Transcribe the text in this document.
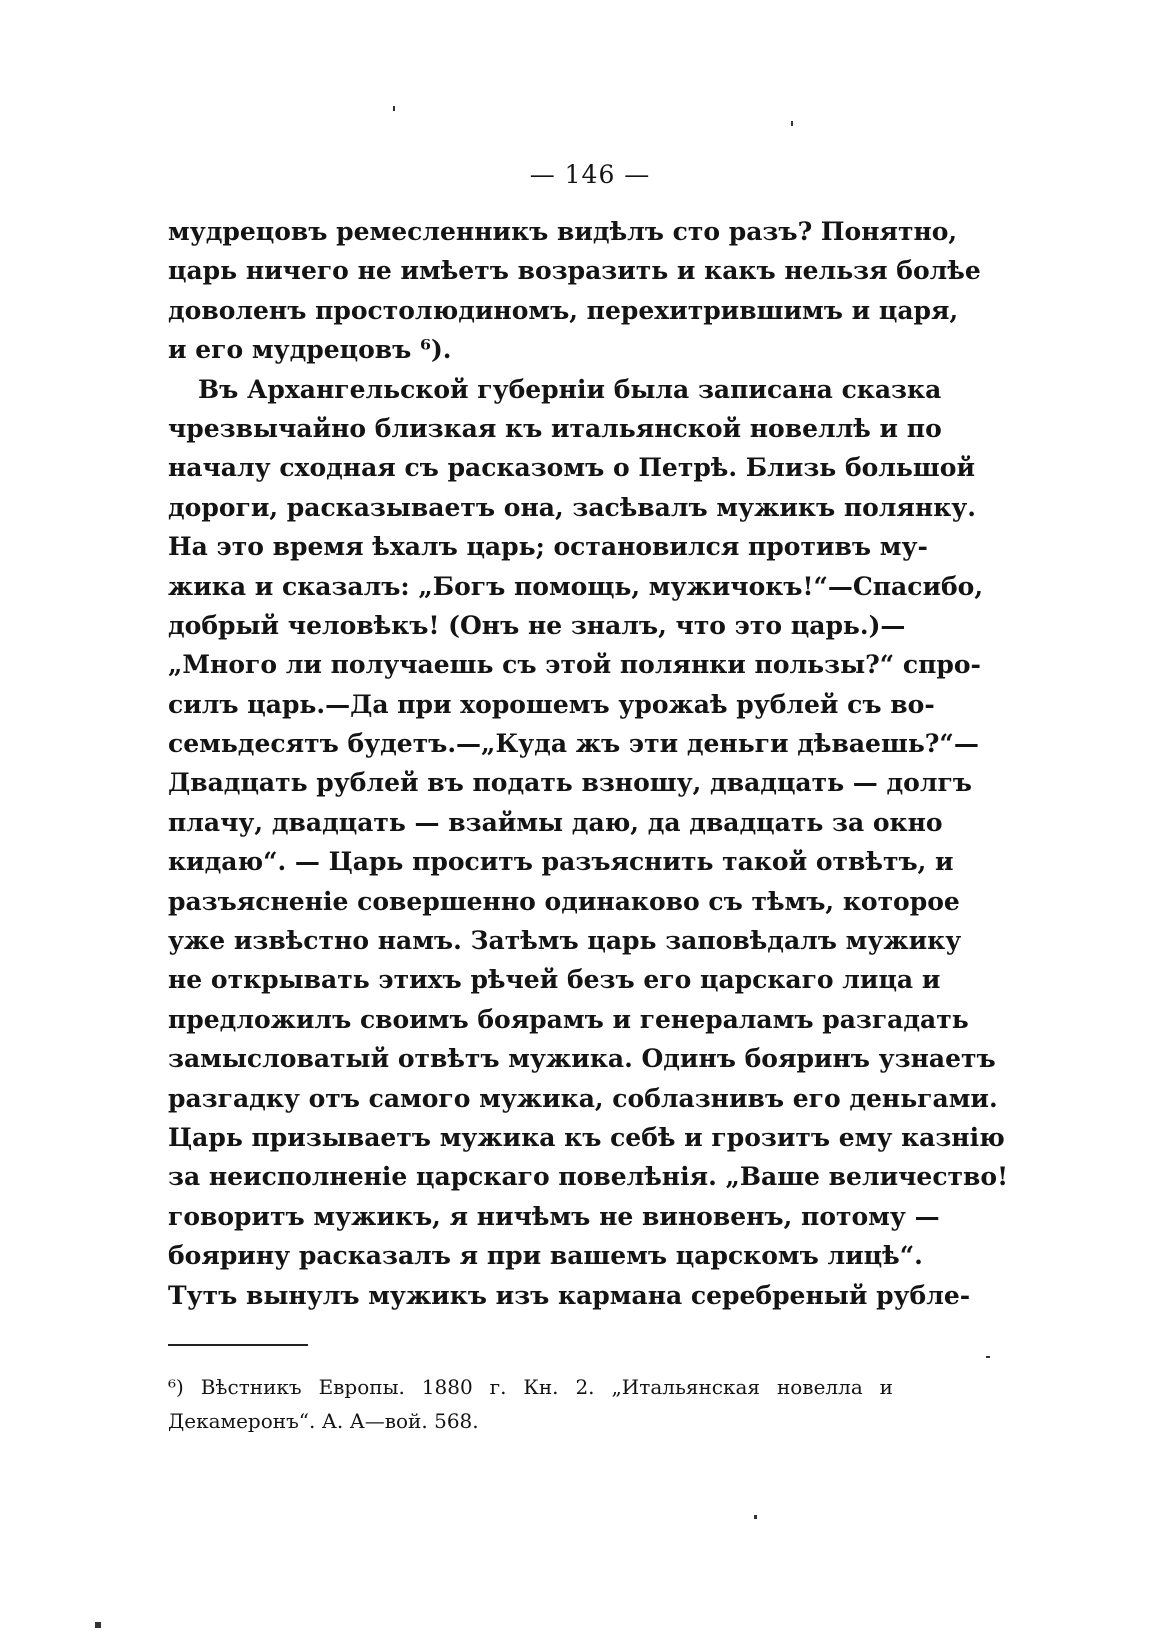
— 146 —
мудрецовъ ремесленникъ видѣлъ сто разъ? Понятно,
царь ничего не имѣетъ возразить и какъ нельзя болѣе
доволенъ простолюдиномъ, перехитрившимъ и царя,
и его мудрецовъ ⁶).
Въ Архангельской губерніи была записана сказка
чрезвычайно близкая къ итальянской новеллѣ и по
началу сходная съ расказомъ о Петрѣ. Близь большой
дороги, расказываетъ она, засѣвалъ мужикъ полянку.
На это время ѣхалъ царь; остановился противъ му-
жика и сказалъ: „Богъ помощь, мужичокъ!“—Спасибо,
добрый человѣкъ! (Онъ не зналъ, что это царь.)—
„Много ли получаешь съ этой полянки пользы?“ спро-
силъ царь.—Да при хорошемъ урожаѣ рублей съ во-
семьдесятъ будетъ.—„Куда жъ эти деньги дѣваешь?“—
Двадцать рублей въ подать взношу, двадцать — долгъ
плачу, двадцать — взаймы даю, да двадцать за окно
кидаю“. — Царь проситъ разъяснить такой отвѣтъ, и
разъясненіе совершенно одинаково съ тѣмъ, которое
уже извѣстно намъ. Затѣмъ царь заповѣдалъ мужику
не открывать этихъ рѣчей безъ его царскаго лица и
предложилъ своимъ боярамъ и генераламъ разгадать
замысловатый отвѣтъ мужика. Одинъ бояринъ узнаетъ
разгадку отъ самого мужика, соблазнивъ его деньгами.
Царь призываетъ мужика къ себѣ и грозитъ ему казнію
за неисполненіе царскаго повелѣнія. „Ваше величество!
говоритъ мужикъ, я ничѣмъ не виновенъ, потому —
боярину расказалъ я при вашемъ царскомъ лицѣ“.
Тутъ вынулъ мужикъ изъ кармана серебреный рубле-
⁶) Вѣстникъ Европы. 1880 г. Кн. 2. „Итальянская новелла и
Декамеронъ“. А. А—вой. 568.
